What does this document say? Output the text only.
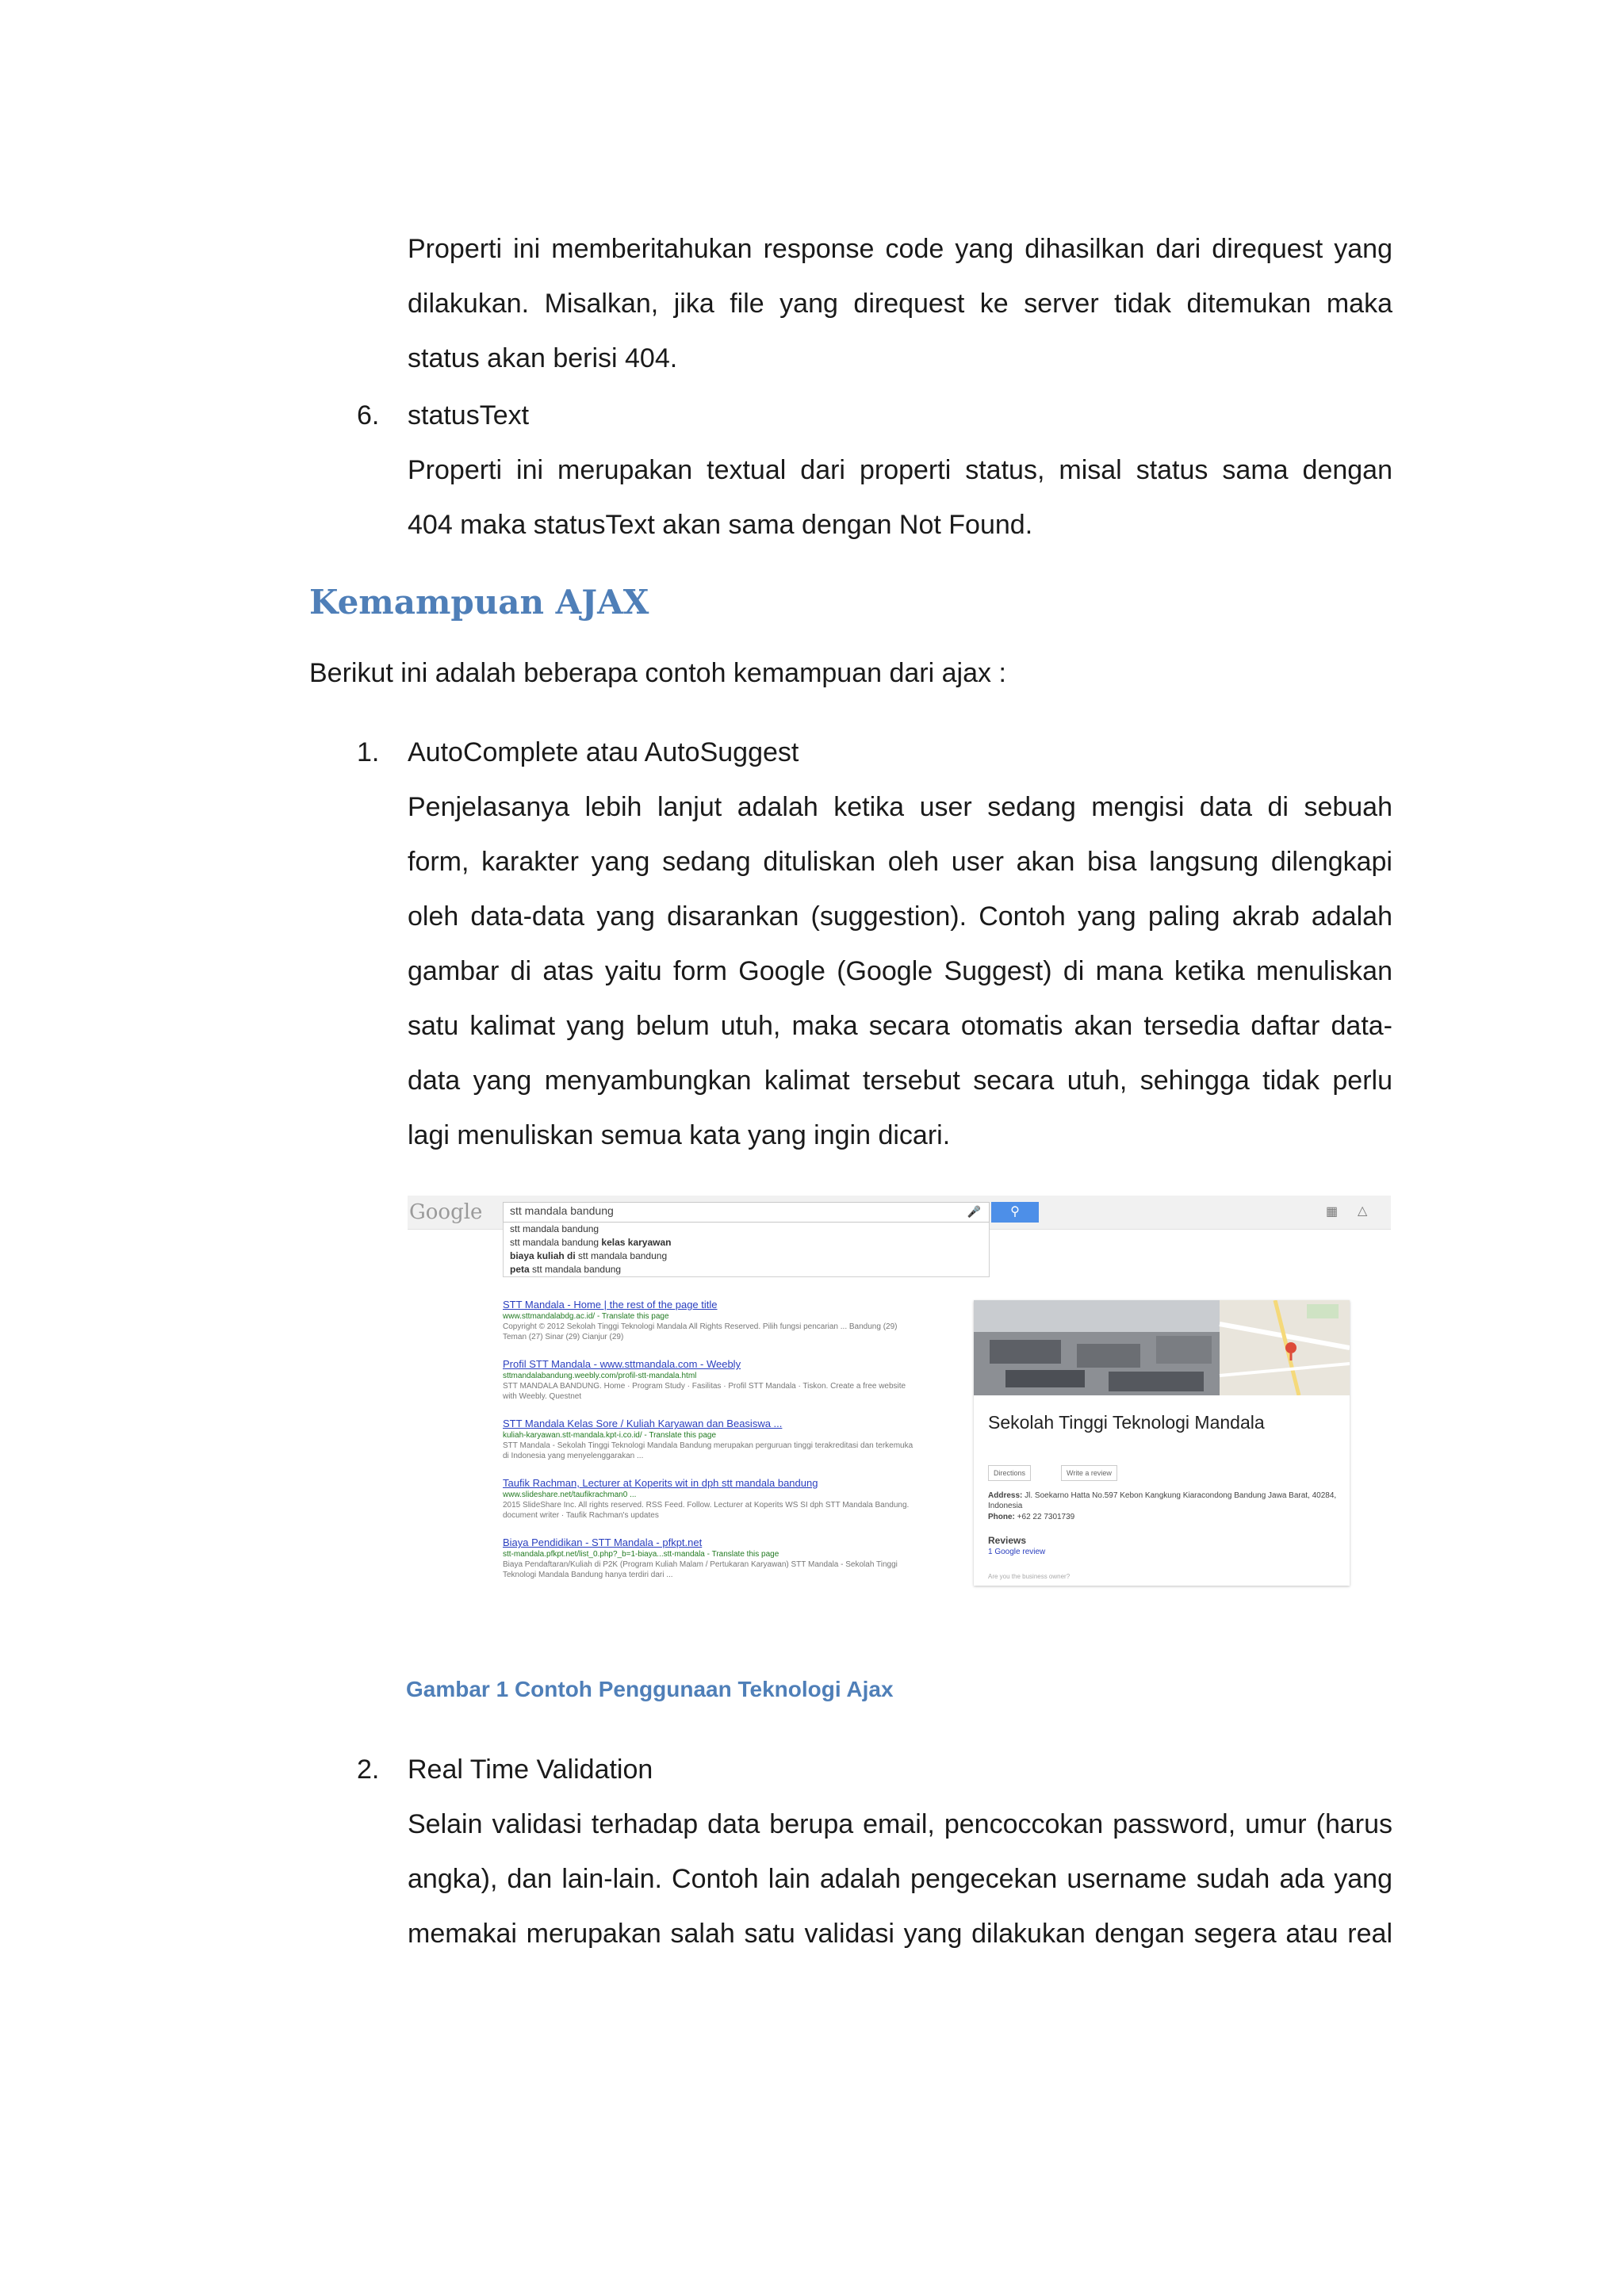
Properti ini memberitahukan response code yang dihasilkan dari direquest yang
dilakukan. Misalkan, jika file yang direquest ke server tidak ditemukan maka
status akan berisi 404.
6. statusText
Properti ini merupakan textual dari properti status, misal status sama dengan
404 maka statusText akan sama dengan Not Found.
Kemampuan AJAX
Berikut ini adalah beberapa contoh kemampuan dari ajax :
1. AutoComplete atau AutoSuggest
Penjelasanya lebih lanjut adalah ketika user sedang mengisi data di sebuah
form, karakter yang sedang dituliskan oleh user akan bisa langsung dilengkapi
oleh data-data yang disarankan (suggestion). Contoh yang paling akrab adalah
gambar di atas yaitu form Google (Google Suggest) di mana ketika menuliskan
satu kalimat yang belum utuh, maka secara otomatis akan tersedia daftar data-
data yang menyambungkan kalimat tersebut secara utuh, sehingga tidak perlu
lagi menuliskan semua kata yang ingin dicari.
Google stt mandala bandung	🎤	⚲	▦ △
stt mandala bandung
stt mandala bandung kelas karyawan
biaya kuliah di stt mandala bandung
peta stt mandala bandung
STT Mandala - Home | the rest of the page title
www.sttmandalabdg.ac.id/ - Translate this page
Copyright © 2012 Sekolah Tinggi Teknologi Mandala All Rights Reserved. Pilih fungsi pencarian ... Bandung (29) Teman (27) Sinar (29) Cianjur (29)
Profil STT Mandala - www.sttmandala.com - Weebly
sttmandalabandung.weebly.com/profil-stt-mandala.html
STT MANDALA BANDUNG. Home · Program Study · Fasilitas · Profil STT Mandala · Tiskon. Create a free website with Weebly. Questnet
STT Mandala Kelas Sore / Kuliah Karyawan dan Beasiswa ...
kuliah-karyawan.stt-mandala.kpt-i.co.id/ - Translate this page
STT Mandala - Sekolah Tinggi Teknologi Mandala Bandung merupakan perguruan tinggi terakreditasi dan terkemuka di Indonesia yang menyelenggarakan ...
Taufik Rachman, Lecturer at Koperits wit in dph stt mandala bandung
www.slideshare.net/taufikrachman0 ...
2015 SlideShare Inc. All rights reserved. RSS Feed. Follow. Lecturer at Koperits WS SI dph STT Mandala Bandung. document writer · Taufik Rachman's updates
Biaya Pendidikan - STT Mandala - pfkpt.net
stt-mandala.pfkpt.net/list_0.php?_b=1-biaya...stt-mandala - Translate this page
Biaya Pendaftaran/Kuliah di P2K (Program Kuliah Malam / Pertukaran Karyawan) STT Mandala - Sekolah Tinggi Teknologi Mandala Bandung hanya terdiri dari ...
Sekolah Tinggi Teknologi Mandala
Directions	Write a review
Address: Jl. Soekarno Hatta No.597 Kebon Kangkung Kiaracondong Bandung Jawa Barat, 40284, Indonesia
Phone: +62 22 7301739
Reviews
1 Google review
Are you the business owner?
Gambar 1 Contoh Penggunaan Teknologi Ajax
2. Real Time Validation
Selain validasi terhadap data berupa email, pencoccokan password, umur (harus
angka), dan lain-lain. Contoh lain adalah pengecekan username sudah ada yang
memakai merupakan salah satu validasi yang dilakukan dengan segera atau real
